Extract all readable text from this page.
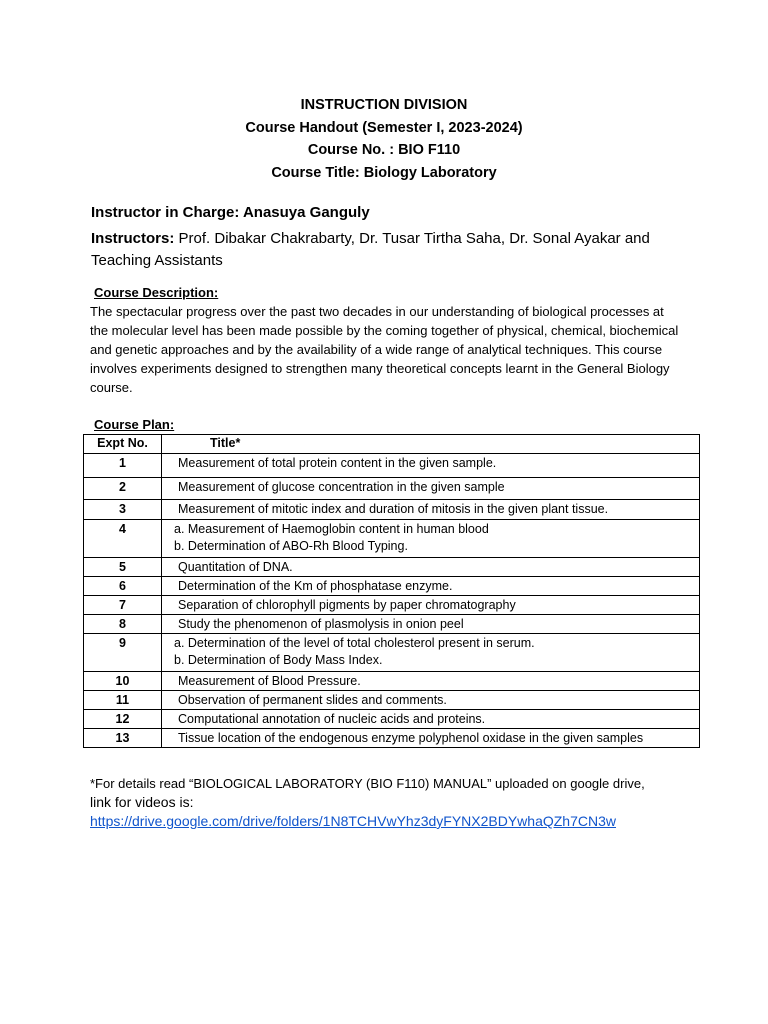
INSTRUCTION DIVISION
Course Handout (Semester I, 2023-2024)
Course No. : BIO F110
Course Title: Biology Laboratory
Instructor in Charge: Anasuya Ganguly
Instructors: Prof. Dibakar Chakrabarty, Dr. Tusar Tirtha Saha, Dr. Sonal Ayakar and Teaching Assistants
Course Description:
The spectacular progress over the past two decades in our understanding of biological processes at the molecular level has been made possible by the coming together of physical, chemical, biochemical and genetic approaches and by the availability of a wide range of analytical techniques. This course involves experiments designed to strengthen many theoretical concepts learnt in the General Biology course.
Course Plan:
Expt No.	Title*
1	Measurement of total protein content in the given sample.

2	Measurement of glucose concentration in the given sample

3	Measurement of mitotic index and duration of mitosis in the given plant tissue.

4	a. Measurement of Haemoglobin content in human blood
b. Determination of ABO-Rh Blood Typing.

5	Quantitation of DNA.

6	Determination of the Km of phosphatase enzyme.

7	Separation of chlorophyll pigments by paper chromatography

8	Study the phenomenon of plasmolysis in onion peel

9	a. Determination of the level of total cholesterol present in serum.
b. Determination of Body Mass Index.

10	Measurement of Blood Pressure.

11	Observation of permanent slides and comments.

12	Computational annotation of nucleic acids and proteins.

13	Tissue location of the endogenous enzyme polyphenol oxidase in the given samples
*For details read “BIOLOGICAL LABORATORY (BIO F110) MANUAL” uploaded on google drive,
link for videos is:
https://drive.google.com/drive/folders/1N8TCHVwYhz3dyFYNX2BDYwhaQZh7CN3w
